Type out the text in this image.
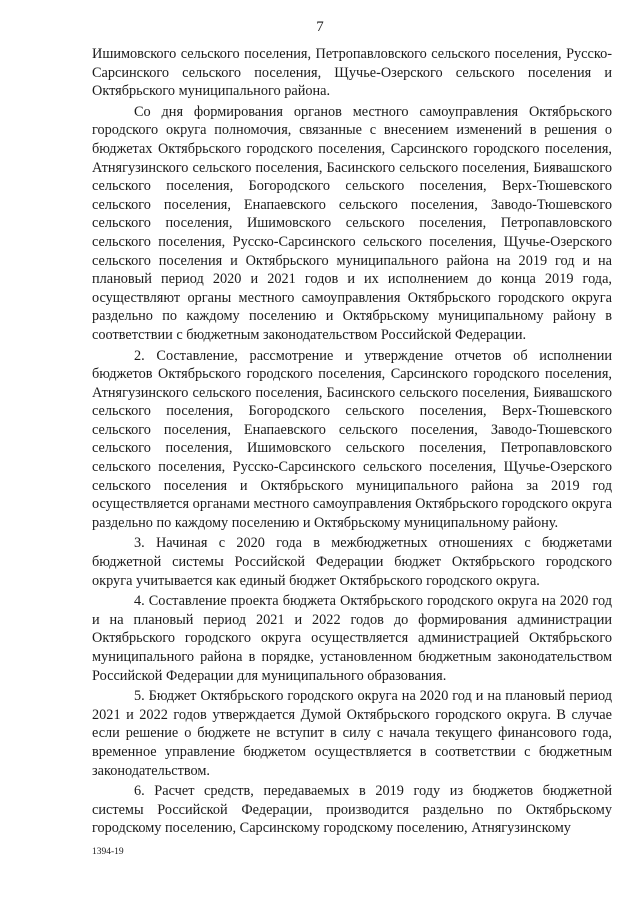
7

Ишимовского сельского поселения, Петропавловского сельского поселения, Русско-Сарсинского сельского поселения, Щучье-Озерского сельского поселения и Октябрьского муниципального района.

Со дня формирования органов местного самоуправления Октябрьского городского округа полномочия, связанные с внесением изменений в решения о бюджетах Октябрьского городского поселения, Сарсинского городского поселения, Атнягузинского сельского поселения, Басинского сельского поселения, Биявашского сельского поселения, Богородского сельского поселения, Верх-Тюшевского сельского поселения, Енапаевского сельского поселения, Заводо-Тюшевского сельского поселения, Ишимовского сельского поселения, Петропавловского сельского поселения, Русско-Сарсинского сельского поселения, Щучье-Озерского сельского поселения и Октябрьского муниципального района на 2019 год и на плановый период 2020 и 2021 годов и их исполнением до конца 2019 года, осуществляют органы местного самоуправления Октябрьского городского округа раздельно по каждому поселению и Октябрьскому муниципальному району в соответствии с бюджетным законодательством Российской Федерации.

2. Составление, рассмотрение и утверждение отчетов об исполнении бюджетов Октябрьского городского поселения, Сарсинского городского поселения, Атнягузинского сельского поселения, Басинского сельского поселения, Биявашского сельского поселения, Богородского сельского поселения, Верх-Тюшевского сельского поселения, Енапаевского сельского поселения, Заводо-Тюшевского сельского поселения, Ишимовского сельского поселения, Петропавловского сельского поселения, Русско-Сарсинского сельского поселения, Щучье-Озерского сельского поселения и Октябрьского муниципального района за 2019 год осуществляется органами местного самоуправления Октябрьского городского округа раздельно по каждому поселению и Октябрьскому муниципальному району.

3. Начиная с 2020 года в межбюджетных отношениях с бюджетами бюджетной системы Российской Федерации бюджет Октябрьского городского округа учитывается как единый бюджет Октябрьского городского округа.

4. Составление проекта бюджета Октябрьского городского округа на 2020 год и на плановый период 2021 и 2022 годов до формирования администрации Октябрьского городского округа осуществляется администрацией Октябрьского муниципального района в порядке, установленном бюджетным законодательством Российской Федерации для муниципального образования.

5. Бюджет Октябрьского городского округа на 2020 год и на плановый период 2021 и 2022 годов утверждается Думой Октябрьского городского округа. В случае если решение о бюджете не вступит в силу с начала текущего финансового года, временное управление бюджетом осуществляется в соответствии с бюджетным законодательством.

6. Расчет средств, передаваемых в 2019 году из бюджетов бюджетной системы Российской Федерации, производится раздельно по Октябрьскому городскому поселению, Сарсинскому городскому поселению, Атнягузинскому

1394-19
